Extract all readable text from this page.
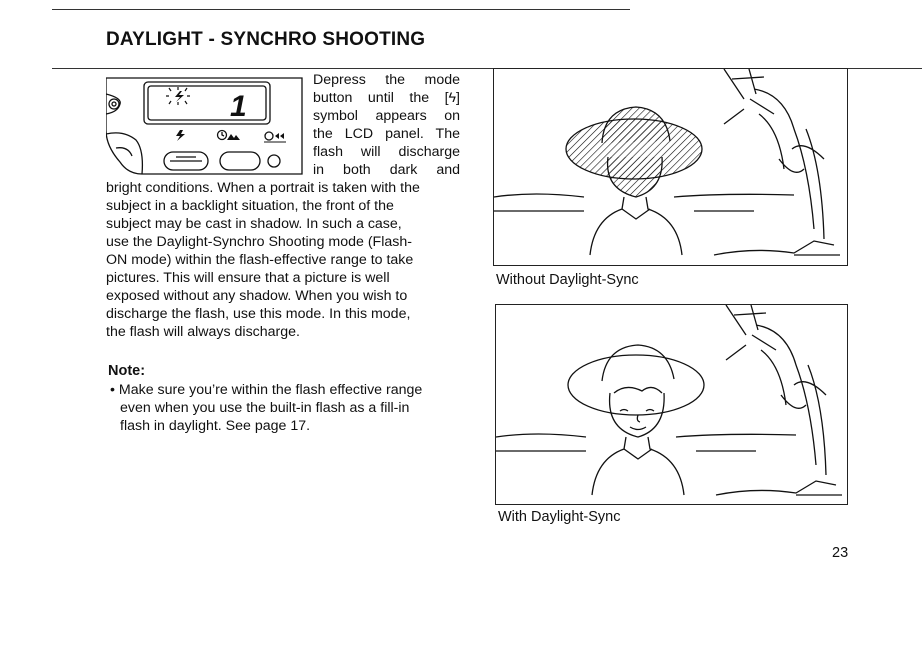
DAYLIGHT - SYNCHRO SHOOTING
1
Depress the mode
button until the [ϟ]
symbol appears on
the LCD panel. The
flash will discharge
in both dark and
bright conditions. When a portrait is taken with the
subject in a backlight situation, the front of the
subject may be cast in shadow. In such a case,
use the Daylight-Synchro Shooting mode (Flash-
ON mode) within the flash-effective range to take
pictures. This will ensure that a picture is well
exposed without any shadow. When you wish to
discharge the flash, use this mode. In this mode,
the flash will always discharge.

Note:

• Make sure you’re within the flash effective range
even when you use the built-in flash as a fill-in
flash in daylight. See page 17.
Without Daylight-Sync
With Daylight-Sync
23
